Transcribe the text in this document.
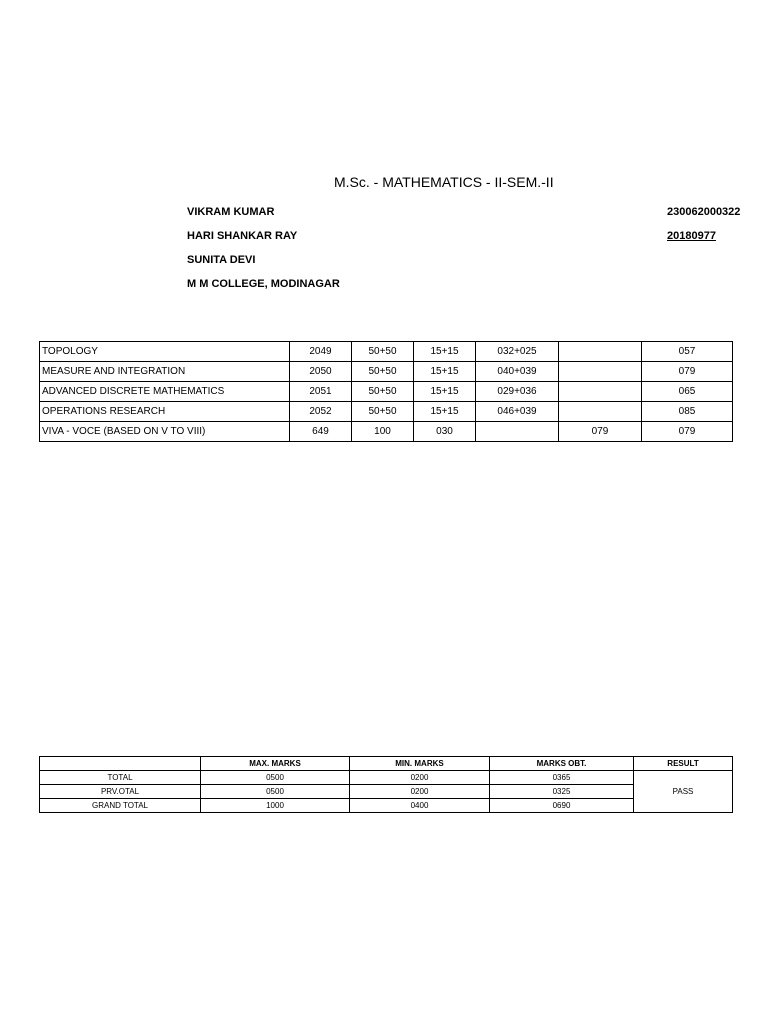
M.Sc. - MATHEMATICS - II-SEM.-II
VIKRAM KUMAR
HARI SHANKAR RAY
SUNITA DEVI
M M COLLEGE, MODINAGAR
230062000322
20180977
TOPOLOGY	2049	50+50	15+15	032+025		057
MEASURE AND INTEGRATION	2050	50+50	15+15	040+039		079
ADVANCED DISCRETE MATHEMATICS	2051	50+50	15+15	029+036		065
OPERATIONS RESEARCH	2052	50+50	15+15	046+039		085
VIVA - VOCE (BASED ON V TO VIII)	649	100	030		079	079
	MAX. MARKS	MIN. MARKS	MARKS OBT.	RESULT
TOTAL	0500	0200	0365	PASS
PRV.OTAL	0500	0200	0325	
GRAND TOTAL	1000	0400	0690	
